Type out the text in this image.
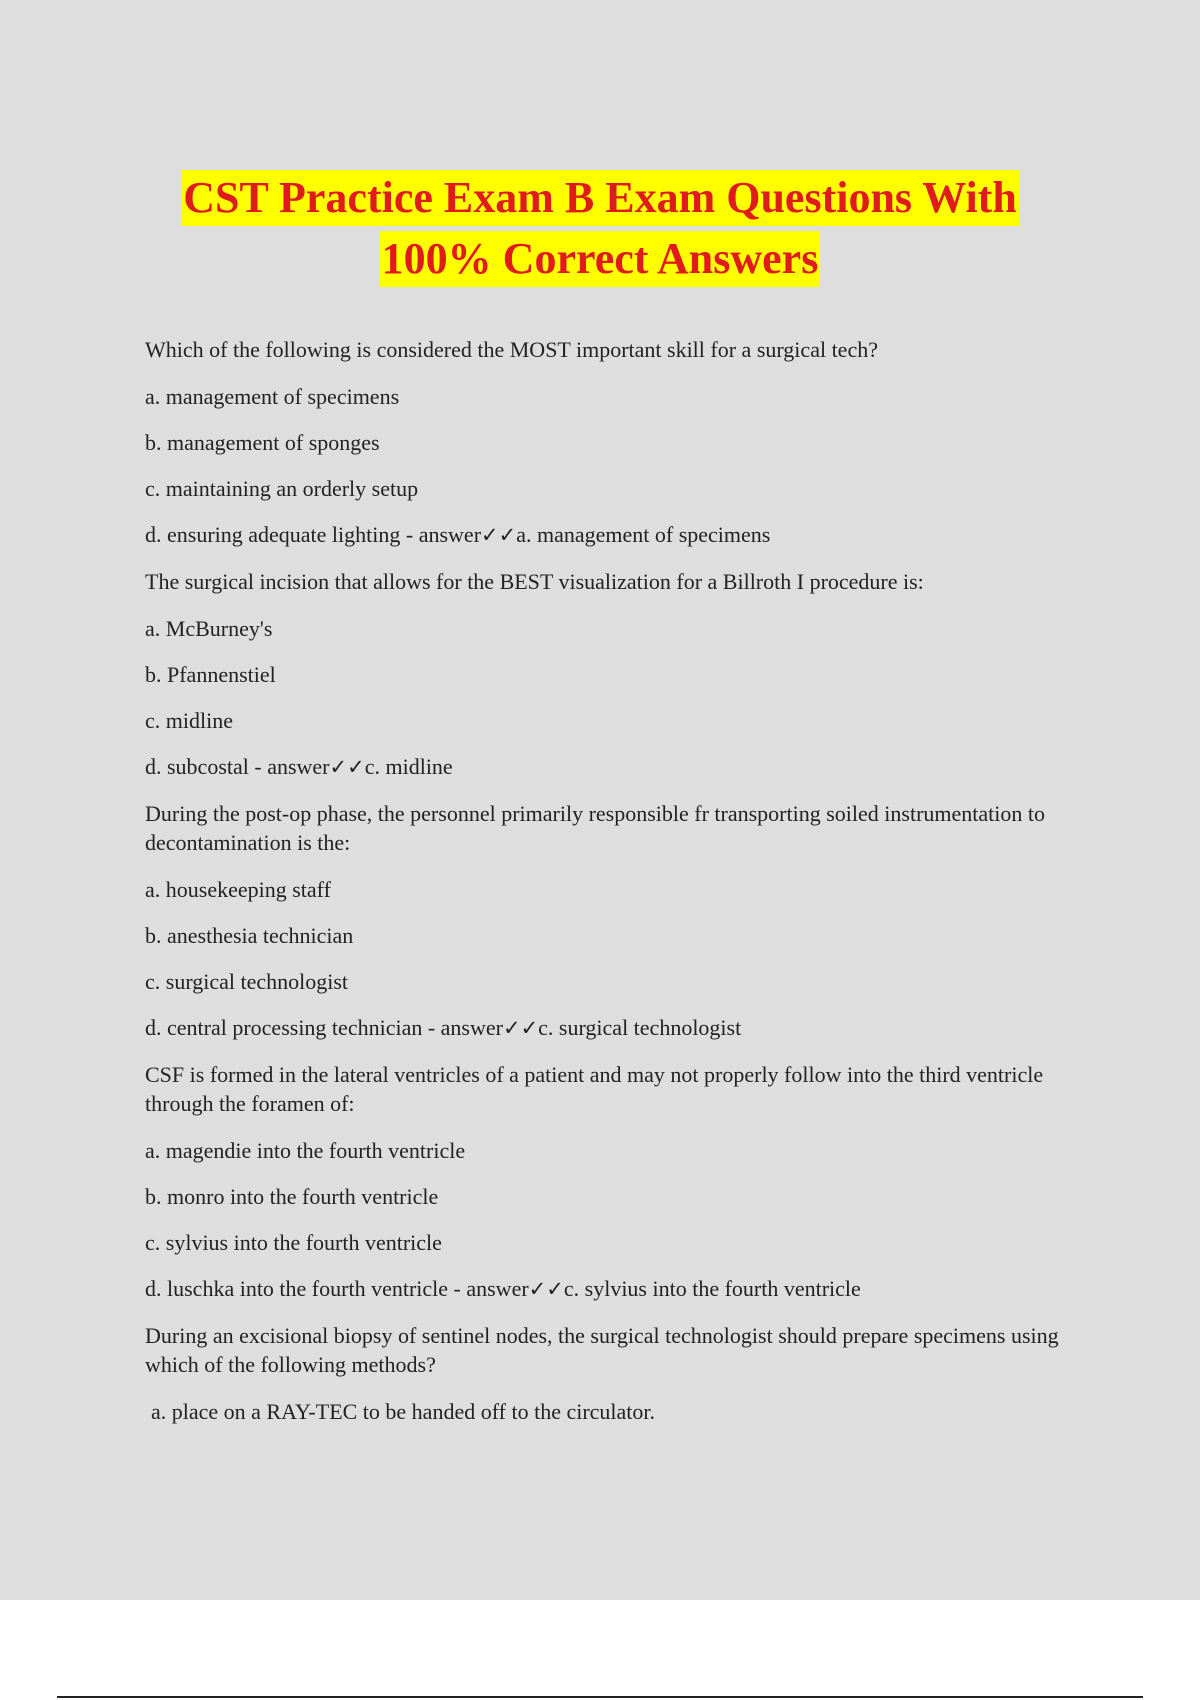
CST Practice Exam B Exam Questions With
100% Correct Answers

Which of the following is considered the MOST important skill for a surgical tech?

a. management of specimens

b. management of sponges

c. maintaining an orderly setup

d. ensuring adequate lighting - answer✓✓a. management of specimens

The surgical incision that allows for the BEST visualization for a Billroth I procedure is:

a. McBurney's

b. Pfannenstiel

c. midline

d. subcostal - answer✓✓c. midline

During the post-op phase, the personnel primarily responsible fr transporting soiled instrumentation to decontamination is the:

a. housekeeping staff

b. anesthesia technician

c. surgical technologist

d. central processing technician - answer✓✓c. surgical technologist

CSF is formed in the lateral ventricles of a patient and may not properly follow into the third ventricle through the foramen of:

a. magendie into the fourth ventricle

b. monro into the fourth ventricle

c. sylvius into the fourth ventricle

d. luschka into the fourth ventricle - answer✓✓c. sylvius into the fourth ventricle

During an excisional biopsy of sentinel nodes, the surgical technologist should prepare specimens using which of the following methods?

a. place on a RAY-TEC to be handed off to the circulator.
